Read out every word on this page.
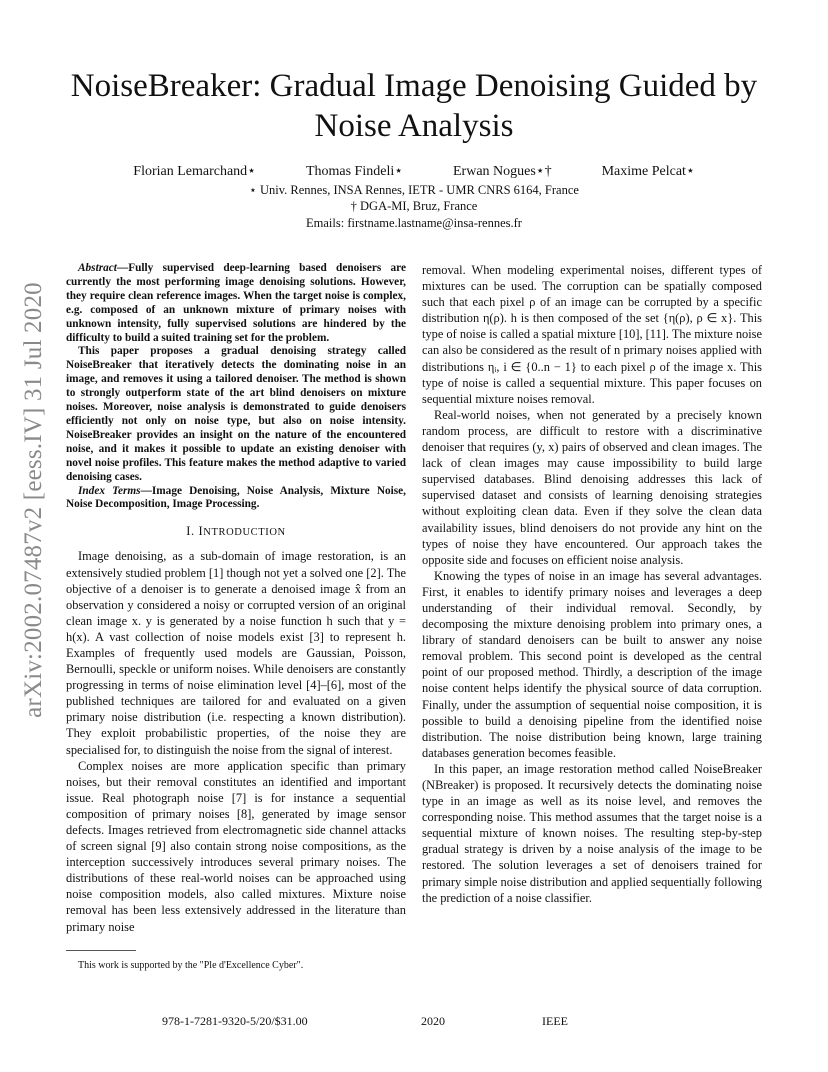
arXiv:2002.07487v2 [eess.IV] 31 Jul 2020
NoiseBreaker: Gradual Image Denoising Guided by Noise Analysis
Florian Lemarchand⋆	Thomas Findeli⋆	Erwan Nogues⋆†	Maxime Pelcat⋆
⋆ Univ. Rennes, INSA Rennes, IETR - UMR CNRS 6164, France
† DGA-MI, Bruz, France
Emails: firstname.lastname@insa-rennes.fr

Abstract—Fully supervised deep-learning based denoisers are currently the most performing image denoising solutions. However, they require clean reference images. When the target noise is complex, e.g. composed of an unknown mixture of primary noises with unknown intensity, fully supervised solutions are hindered by the difficulty to build a suited training set for the problem.

This paper proposes a gradual denoising strategy called NoiseBreaker that iteratively detects the dominating noise in an image, and removes it using a tailored denoiser. The method is shown to strongly outperform state of the art blind denoisers on mixture noises. Moreover, noise analysis is demonstrated to guide denoisers efficiently not only on noise type, but also on noise intensity. NoiseBreaker provides an insight on the nature of the encountered noise, and it makes it possible to update an existing denoiser with novel noise profiles. This feature makes the method adaptive to varied denoising cases.

Index Terms—Image Denoising, Noise Analysis, Mixture Noise, Noise Decomposition, Image Processing.

I. INTRODUCTION

Image denoising, as a sub-domain of image restoration, is an extensively studied problem [1] though not yet a solved one [2]. The objective of a denoiser is to generate a denoised image x̂ from an observation y considered a noisy or corrupted version of an original clean image x. y is generated by a noise function h such that y = h(x). A vast collection of noise models exist [3] to represent h. Examples of frequently used models are Gaussian, Poisson, Bernoulli, speckle or uniform noises. While denoisers are constantly progressing in terms of noise elimination level [4]–[6], most of the published techniques are tailored for and evaluated on a given primary noise distribution (i.e. respecting a known distribution). They exploit probabilistic properties, of the noise they are specialised for, to distinguish the noise from the signal of interest.

Complex noises are more application specific than primary noises, but their removal constitutes an identified and important issue. Real photograph noise [7] is for instance a sequential composition of primary noises [8], generated by image sensor defects. Images retrieved from electromagnetic side channel attacks of screen signal [9] also contain strong noise compositions, as the interception successively introduces several primary noises. The distributions of these real-world noises can be approached using noise composition models, also called mixtures. Mixture noise removal has been less extensively addressed in the literature than primary noise

removal. When modeling experimental noises, different types of mixtures can be used. The corruption can be spatially composed such that each pixel ρ of an image can be corrupted by a specific distribution η(ρ). h is then composed of the set {η(ρ), ρ ∈ x}. This type of noise is called a spatial mixture [10], [11]. The mixture noise can also be considered as the result of n primary noises applied with distributions ηᵢ, i ∈ {0..n − 1} to each pixel ρ of the image x. This type of noise is called a sequential mixture. This paper focuses on sequential mixture noises removal.

Real-world noises, when not generated by a precisely known random process, are difficult to restore with a discriminative denoiser that requires (y, x) pairs of observed and clean images. The lack of clean images may cause impossibility to build large supervised databases. Blind denoising addresses this lack of supervised dataset and consists of learning denoising strategies without exploiting clean data. Even if they solve the clean data availability issues, blind denoisers do not provide any hint on the types of noise they have encountered. Our approach takes the opposite side and focuses on efficient noise analysis.

Knowing the types of noise in an image has several advantages. First, it enables to identify primary noises and leverages a deep understanding of their individual removal. Secondly, by decomposing the mixture denoising problem into primary ones, a library of standard denoisers can be built to answer any noise removal problem. This second point is developed as the central point of our proposed method. Thirdly, a description of the image noise content helps identify the physical source of data corruption. Finally, under the assumption of sequential noise composition, it is possible to build a denoising pipeline from the identified noise distribution. The noise distribution being known, large training databases generation becomes feasible.

In this paper, an image restoration method called NoiseBreaker (NBreaker) is proposed. It recursively detects the dominating noise type in an image as well as its noise level, and removes the corresponding noise. This method assumes that the target noise is a sequential mixture of known noises. The resulting step-by-step gradual strategy is driven by a noise analysis of the image to be restored. The solution leverages a set of denoisers trained for primary simple noise distribution and applied sequentially following the prediction of a noise classifier.

This work is supported by the "Ple d'Excellence Cyber".
978-1-7281-9320-5/20/$31.00	2020	IEEE
